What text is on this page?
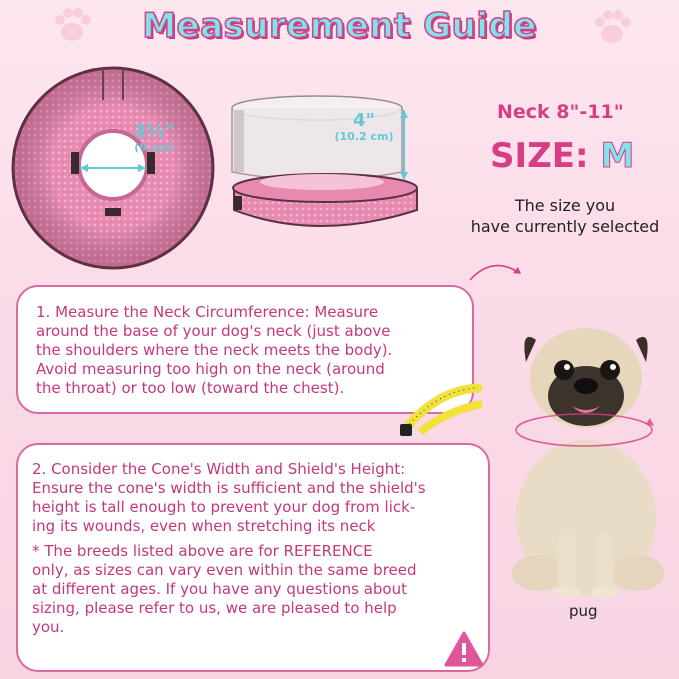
Measurement Guide
3½"
(9 cm)
4"
(10.2 cm)
Neck 8"-11"
SIZE: M
The size you
have currently selected
1. Measure the Neck Circumference: Measure
around the base of your dog's neck (just above
the shoulders where the neck meets the body).
Avoid measuring too high on the neck (around
the throat) or too low (toward the chest).
2. Consider the Cone's Width and Shield's Height:
Ensure the cone's width is sufficient and the shield's
height is tall enough to prevent your dog from lick-
ing its wounds, even when stretching its neck
* The breeds listed above are for REFERENCE
only, as sizes can vary even within the same breed
at different ages. If you have any questions about
sizing, please refer to us, we are pleased to help
you.
pug
